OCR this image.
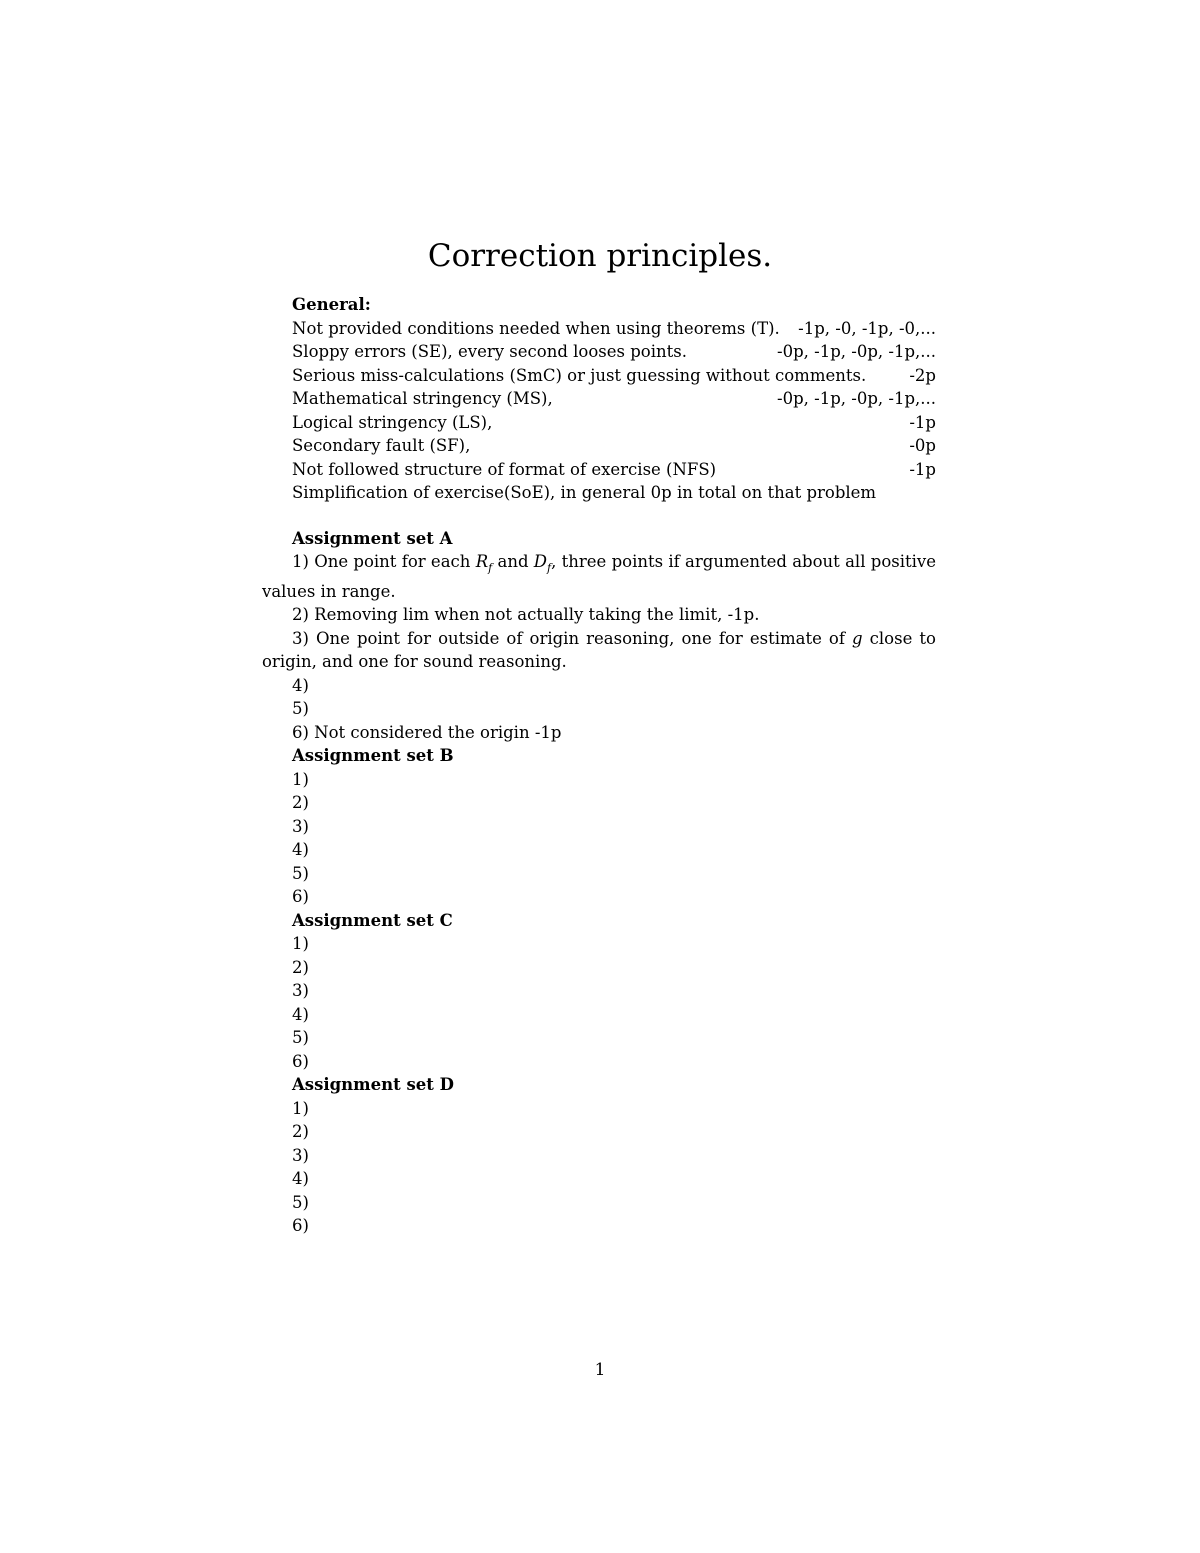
Correction principles.
General:
Not provided conditions needed when using theorems (T). -1p, -0, -1p, -0,...
Sloppy errors (SE), every second looses points.	-0p, -1p, -0p, -1p,...
Serious miss-calculations (SmC) or just guessing without comments.	-2p
Mathematical stringency (MS),	-0p, -1p, -0p, -1p,...
Logical stringency (LS),	-1p
Secondary fault (SF),	-0p
Not followed structure of format of exercise (NFS)	-1p
Simplification of exercise(SoE), in general 0p in total on that problem
Assignment set A

1) One point for each $R_f$ and $D_f$, three points if argumented about all positive values in range.

2) Removing lim when not actually taking the limit, -1p.

3) One point for outside of origin reasoning, one for estimate of g close to origin, and one for sound reasoning.

4)
5)
6) Not considered the origin -1p
Assignment set B
1)
2)
3)
4)
5)
6)
Assignment set C
1)
2)
3)
4)
5)
6)
Assignment set D
1)
2)
3)
4)
5)
6)
1
